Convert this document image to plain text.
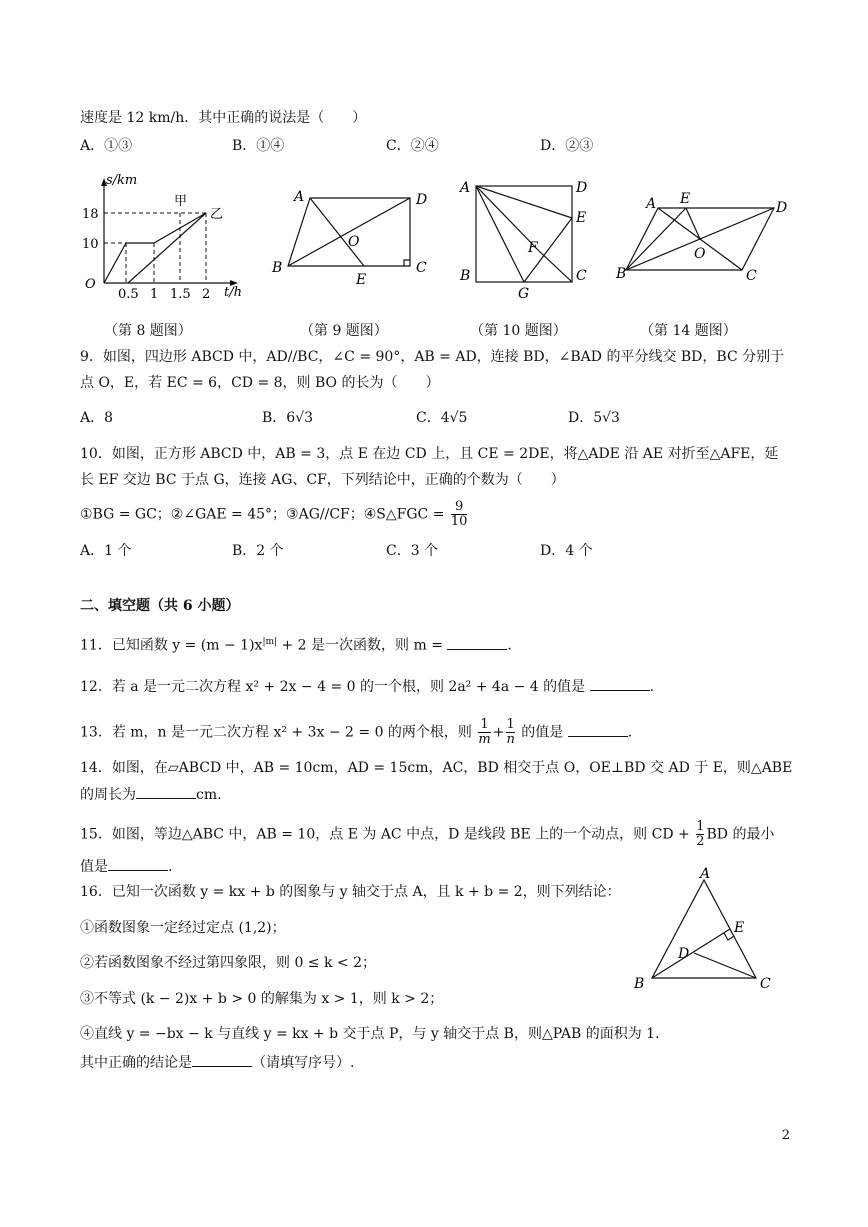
速度是 12 km/h．其中正确的说法是（　　）
A．①③	B．①④	C．②④	D．②③
s/km
t/h
O
18
10
0.5 1 1.5 2
甲
乙
A	D
O
B
E
C
A	D
E
F
B
G
C
A E
D
O
B	C
（第 8 题图）	（第 9 题图）	（第 10 题图）	（第 14 题图）
9．如图，四边形 ABCD 中，AD//BC，∠C = 90°，AB = AD，连接 BD，∠BAD 的平分线交 BD，BC 分别于
点 O，E，若 EC = 6，CD = 8，则 BO 的长为（　　）
A．8	B．6√3	C．4√5	D．5√3
10．如图，正方形 ABCD 中，AB = 3，点 E 在边 CD 上，且 CE = 2DE，将△ADE 沿 AE 对折至△AFE，延
长 EF 交边 BC 于点 G，连接 AG、CF，下列结论中，正确的个数为（　　）
①BG = GC；②∠GAE = 45°；③AG//CF；④S△FGC = $\frac{9}{10}$
A．1 个	B．2 个	C．3 个	D．4 个
二、填空题（共 6 小题）
11．已知函数 $y = (m - 1)x^{|m|} + 2$ 是一次函数，则 m =	.
12．若 a 是一元二次方程 x² + 2x − 4 = 0 的一个根，则 2a² + 4a − 4 的值是	.
13．若 m，n 是一元二次方程 x² + 3x − 2 = 0 的两个根，则 $\frac{1}{m} + \frac{1}{n}$ 的值是	.
14．如图，在▱ABCD 中，AB = 10cm，AD = 15cm，AC，BD 相交于点 O，OE⊥BD 交 AD 于 E，则△ABE
的周长为	cm.
15．如图，等边△ABC 中，AB = 10，点 E 为 AC 中点，D 是线段 BE 上的一个动点，则 CD + $\frac{1}{2}$ BD 的最小
值是	.
16．已知一次函数 y = kx + b 的图象与 y 轴交于点 A，且 k + b = 2，则下列结论：
①函数图象一定经过定点 (1,2)；
②若函数图象不经过第四象限，则 0 ≤ k < 2；
③不等式 (k − 2)x + b > 0 的解集为 x > 1，则 k > 2；
④直线 y = −bx − k 与直线 y = kx + b 交于点 P，与 y 轴交于点 B，则△PAB 的面积为 1.
其中正确的结论是	（请填写序号）.
A
E
D
B	C
2
